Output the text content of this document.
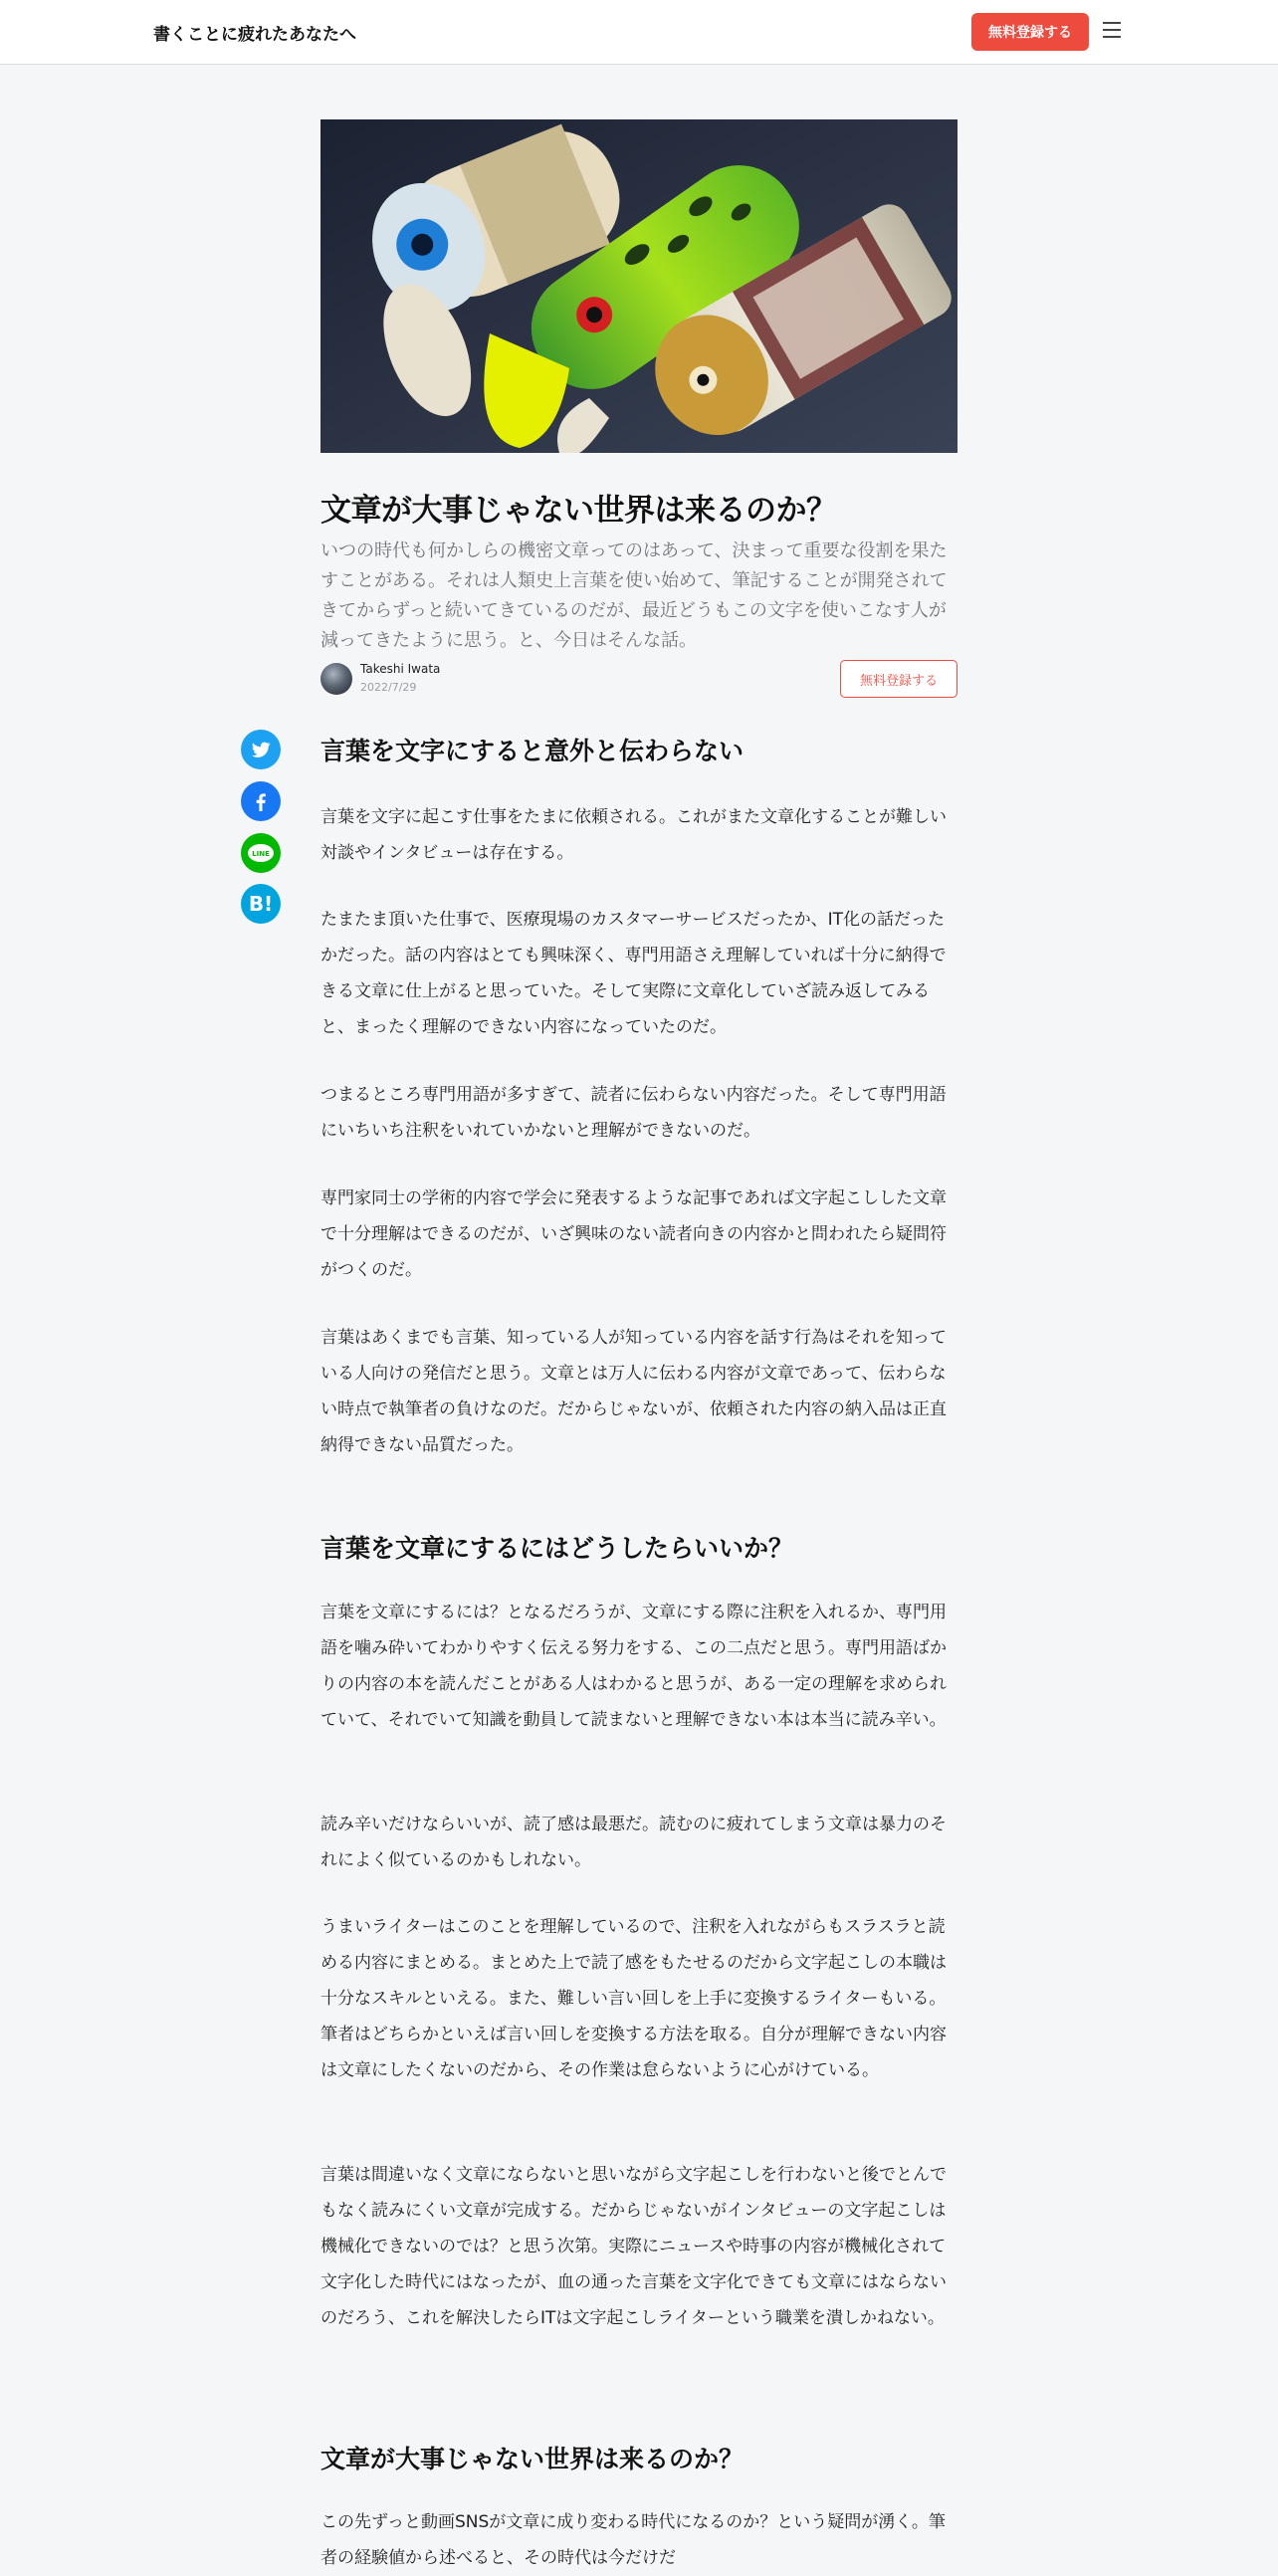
書くことに疲れたあなたへ	無料登録する
文章が大事じゃない世界は来るのか？
いつの時代も何かしらの機密文章ってのはあって、決まって重要な役割を果たすことがある。それは人類史上言葉を使い始めて、筆記することが開発されてきてからずっと続いてきているのだが、最近どうもこの文字を使いこなす人が減ってきたように思う。と、今日はそんな話。
Takeshi Iwata
2022/7/29	無料登録する
LINE
B!
言葉を文字にすると意外と伝わらない
言葉を文字に起こす仕事をたまに依頼される。これがまた文章化することが難しい対談やインタビューは存在する。
たまたま頂いた仕事で、医療現場のカスタマーサービスだったか、IT化の話だったかだった。話の内容はとても興味深く、専門用語さえ理解していれば十分に納得できる文章に仕上がると思っていた。そして実際に文章化していざ読み返してみると、まったく理解のできない内容になっていたのだ。
つまるところ専門用語が多すぎて、読者に伝わらない内容だった。そして専門用語にいちいち注釈をいれていかないと理解ができないのだ。
専門家同士の学術的内容で学会に発表するような記事であれば文字起こしした文章で十分理解はできるのだが、いざ興味のない読者向きの内容かと問われたら疑問符がつくのだ。
言葉はあくまでも言葉、知っている人が知っている内容を話す行為はそれを知っている人向けの発信だと思う。文章とは万人に伝わる内容が文章であって、伝わらない時点で執筆者の負けなのだ。だからじゃないが、依頼された内容の納入品は正直納得できない品質だった。
言葉を文章にするにはどうしたらいいか？
言葉を文章にするには？となるだろうが、文章にする際に注釈を入れるか、専門用語を噛み砕いてわかりやすく伝える努力をする、この二点だと思う。専門用語ばかりの内容の本を読んだことがある人はわかると思うが、ある一定の理解を求められていて、それでいて知識を動員して読まないと理解できない本は本当に読み辛い。
読み辛いだけならいいが、読了感は最悪だ。読むのに疲れてしまう文章は暴力のそれによく似ているのかもしれない。
うまいライターはこのことを理解しているので、注釈を入れながらもスラスラと読める内容にまとめる。まとめた上で読了感をもたせるのだから文字起こしの本職は十分なスキルといえる。また、難しい言い回しを上手に変換するライターもいる。筆者はどちらかといえば言い回しを変換する方法を取る。自分が理解できない内容は文章にしたくないのだから、その作業は怠らないように心がけている。
言葉は間違いなく文章にならないと思いながら文字起こしを行わないと後でとんでもなく読みにくい文章が完成する。だからじゃないがインタビューの文字起こしは機械化できないのでは？と思う次第。実際にニュースや時事の内容が機械化されて文字化した時代にはなったが、血の通った言葉を文字化できても文章にはならないのだろう、これを解決したらITは文字起こしライターという職業を潰しかねない。
文章が大事じゃない世界は来るのか？
この先ずっと動画SNSが文章に成り変わる時代になるのか？という疑問が湧く。筆者の経験値から述べると、その時代は今だけだ
